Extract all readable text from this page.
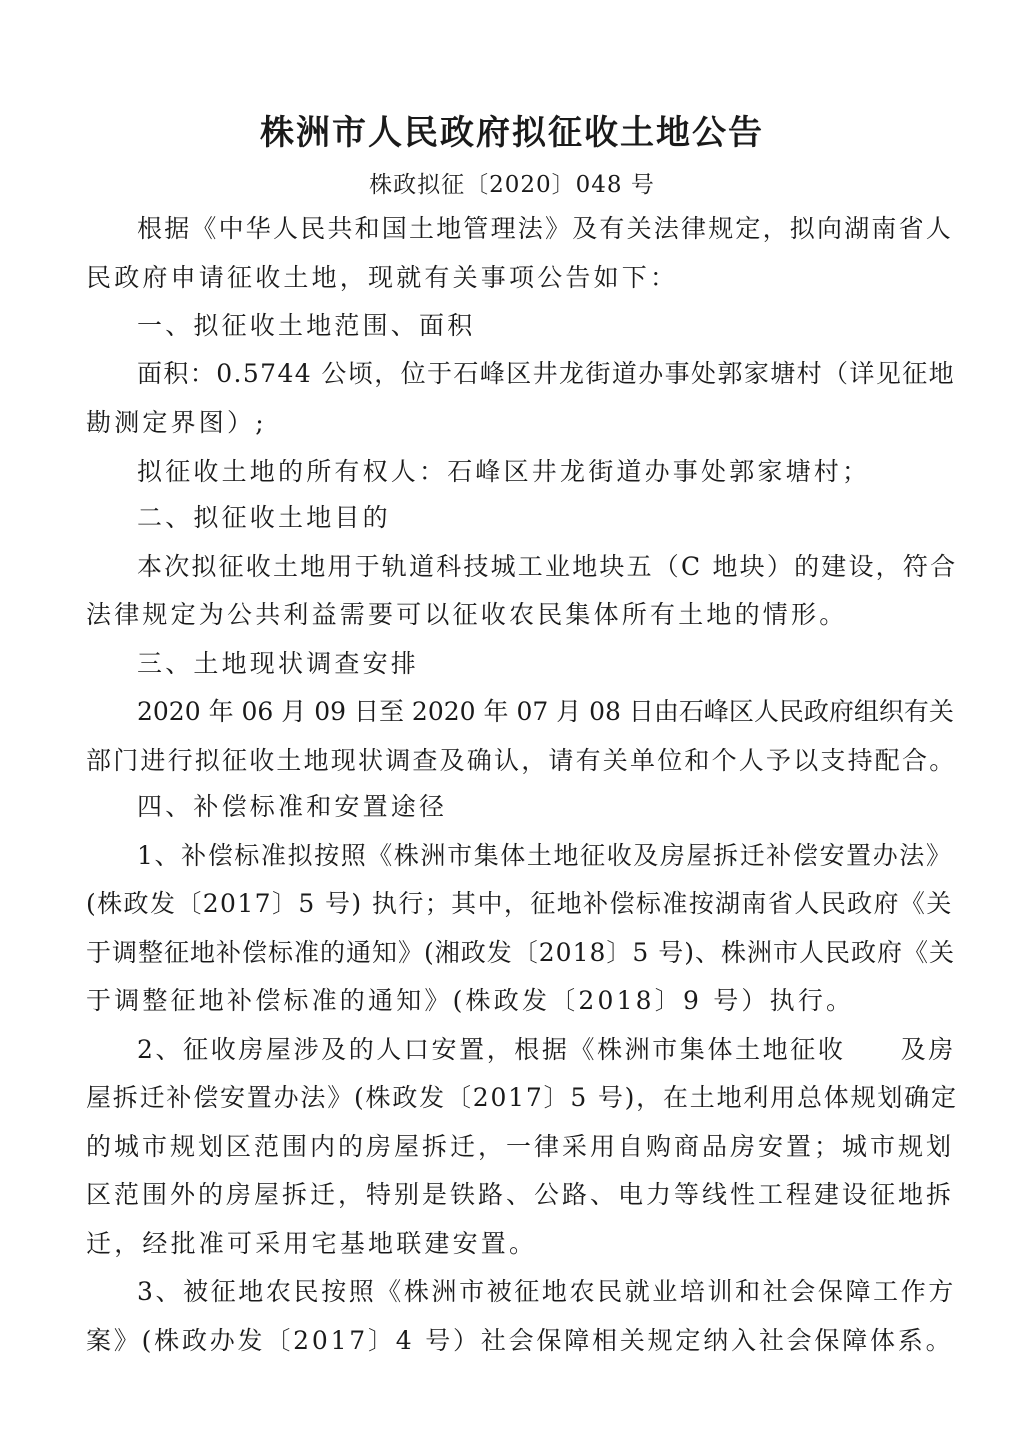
株洲市人民政府拟征收土地公告
株政拟征〔2020〕048 号
根据《中华人民共和国土地管理法》及有关法律规定，拟向湖南省人
民政府申请征收土地，现就有关事项公告如下：
一、拟征收土地范围、面积
面积：0.5744 公顷，位于石峰区井龙街道办事处郭家塘村（详见征地
勘测定界图）;
拟征收土地的所有权人：石峰区井龙街道办事处郭家塘村；
二、拟征收土地目的
本次拟征收土地用于轨道科技城工业地块五（C 地块）的建设，符合
法律规定为公共利益需要可以征收农民集体所有土地的情形。
三、土地现状调查安排
2020 年 06 月 09 日至 2020 年 07 月 08 日由石峰区人民政府组织有关
部门进行拟征收土地现状调查及确认，请有关单位和个人予以支持配合。
四、补偿标准和安置途径
1、补偿标准拟按照《株洲市集体土地征收及房屋拆迁补偿安置办法》
(株政发〔2017〕5 号) 执行；其中，征地补偿标准按湖南省人民政府《关
于调整征地补偿标准的通知》(湘政发〔2018〕5 号)、株洲市人民政府《关
于调整征地补偿标准的通知》(株政发〔2018〕9 号）执行。
2、征收房屋涉及的人口安置，根据《株洲市集体土地征收　　及房
屋拆迁补偿安置办法》(株政发〔2017〕5 号)，在土地利用总体规划确定
的城市规划区范围内的房屋拆迁，一律采用自购商品房安置；城市规划
区范围外的房屋拆迁，特别是铁路、公路、电力等线性工程建设征地拆
迁，经批准可采用宅基地联建安置。
3、被征地农民按照《株洲市被征地农民就业培训和社会保障工作方
案》(株政办发〔2017〕4 号）社会保障相关规定纳入社会保障体系。
